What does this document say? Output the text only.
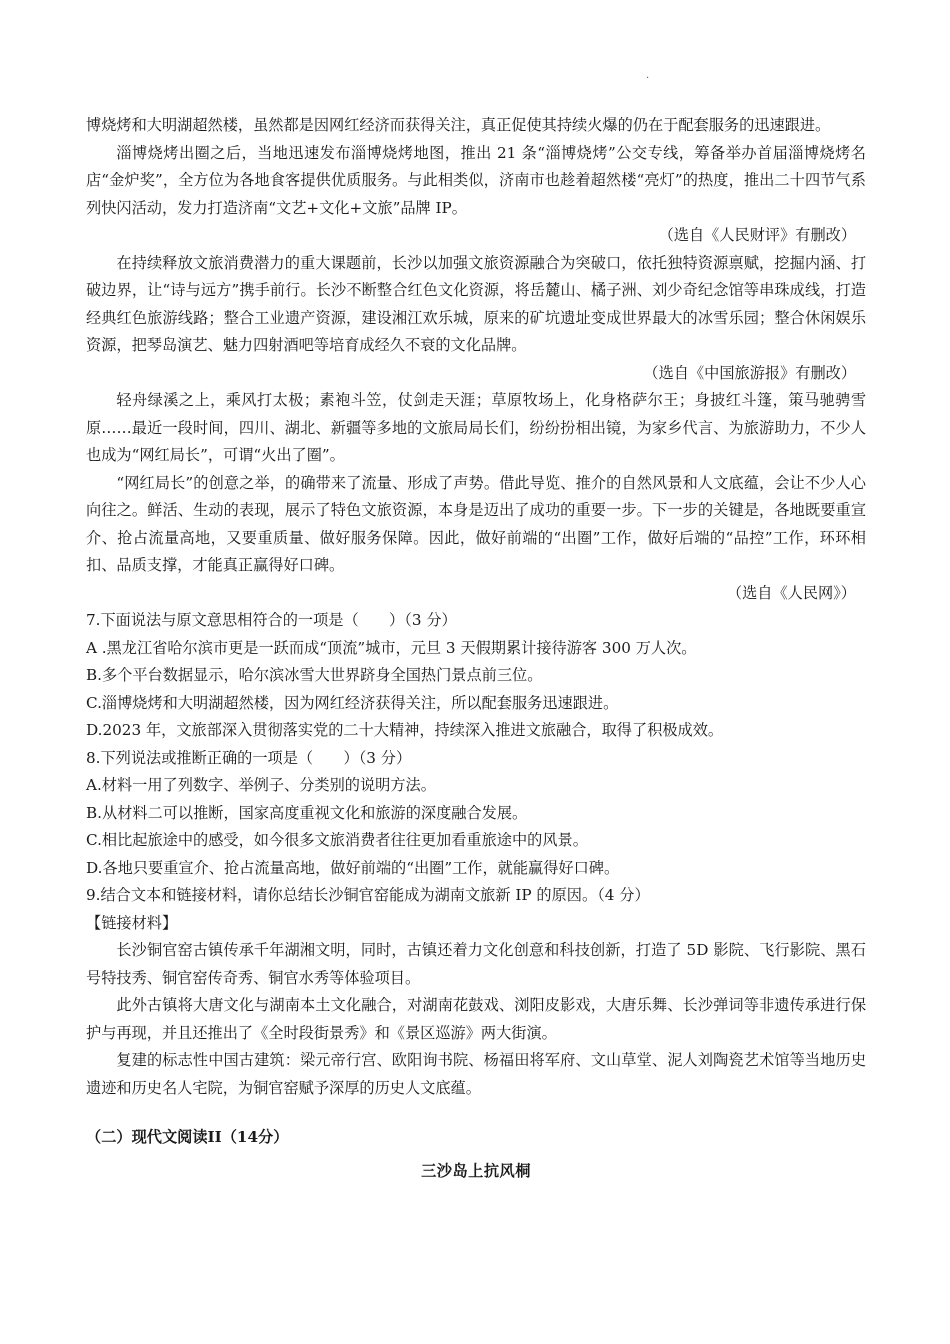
.

博烧烤和大明湖超然楼，虽然都是因网红经济而获得关注，真正促使其持续火爆的仍在于配套服务的迅速跟进。

淄博烧烤出圈之后，当地迅速发布淄博烧烤地图，推出 21 条“淄博烧烤”公交专线，筹备举办首届淄博烧烤名店“金炉奖”，全方位为各地食客提供优质服务。与此相类似，济南市也趁着超然楼“亮灯”的热度，推出二十四节气系列快闪活动，发力打造济南“文艺+文化+文旅”品牌 IP。

（选自《人民财评》有删改）

在持续释放文旅消费潜力的重大课题前，长沙以加强文旅资源融合为突破口，依托独特资源禀赋，挖掘内涵、打破边界，让“诗与远方”携手前行。长沙不断整合红色文化资源，将岳麓山、橘子洲、刘少奇纪念馆等串珠成线，打造经典红色旅游线路；整合工业遗产资源，建设湘江欢乐城，原来的矿坑遗址变成世界最大的冰雪乐园；整合休闲娱乐资源，把琴岛演艺、魅力四射酒吧等培育成经久不衰的文化品牌。

（选自《中国旅游报》有删改）

轻舟绿溪之上，乘风打太极；素袍斗笠，仗剑走天涯；草原牧场上，化身格萨尔王；身披红斗篷，策马驰骋雪原……最近一段时间，四川、湖北、新疆等多地的文旅局局长们，纷纷扮相出镜，为家乡代言、为旅游助力，不少人也成为“网红局长”，可谓“火出了圈”。

“网红局长”的创意之举，的确带来了流量、形成了声势。借此导览、推介的自然风景和人文底蕴，会让不少人心向往之。鲜活、生动的表现，展示了特色文旅资源，本身是迈出了成功的重要一步。下一步的关键是，各地既要重宣介、抢占流量高地，又要重质量、做好服务保障。因此，做好前端的“出圈”工作，做好后端的“品控”工作，环环相扣、品质支撑，才能真正赢得好口碑。

（选自《人民网》）

7.下面说法与原文意思相符合的一项是（　　）（3 分）

A .黑龙江省哈尔滨市更是一跃而成“顶流”城市，元旦 3 天假期累计接待游客 300 万人次。

B.多个平台数据显示，哈尔滨冰雪大世界跻身全国热门景点前三位。

C.淄博烧烤和大明湖超然楼，因为网红经济获得关注，所以配套服务迅速跟进。

D.2023 年，文旅部深入贯彻落实党的二十大精神，持续深入推进文旅融合，取得了积极成效。

8.下列说法或推断正确的一项是（　　）（3 分）

A.材料一用了列数字、举例子、分类别的说明方法。

B.从材料二可以推断，国家高度重视文化和旅游的深度融合发展。

C.相比起旅途中的感受，如今很多文旅消费者往往更加看重旅途中的风景。

D.各地只要重宣介、抢占流量高地，做好前端的“出圈”工作，就能赢得好口碑。

9.结合文本和链接材料，请你总结长沙铜官窑能成为湖南文旅新 IP 的原因。（4 分）

【链接材料】

长沙铜官窑古镇传承千年湖湘文明，同时，古镇还着力文化创意和科技创新，打造了 5D 影院、飞行影院、黑石号特技秀、铜官窑传奇秀、铜官水秀等体验项目。

此外古镇将大唐文化与湖南本土文化融合，对湖南花鼓戏、浏阳皮影戏，大唐乐舞、长沙弹词等非遗传承进行保护与再现，并且还推出了《全时段街景秀》和《景区巡游》两大街演。

复建的标志性中国古建筑：梁元帝行宫、欧阳询书院、杨福田将军府、文山草堂、泥人刘陶瓷艺术馆等当地历史遗迹和历史名人宅院，为铜官窑赋予深厚的历史人文底蕴。

（二）现代文阅读II（14分）

三沙岛上抗风桐
